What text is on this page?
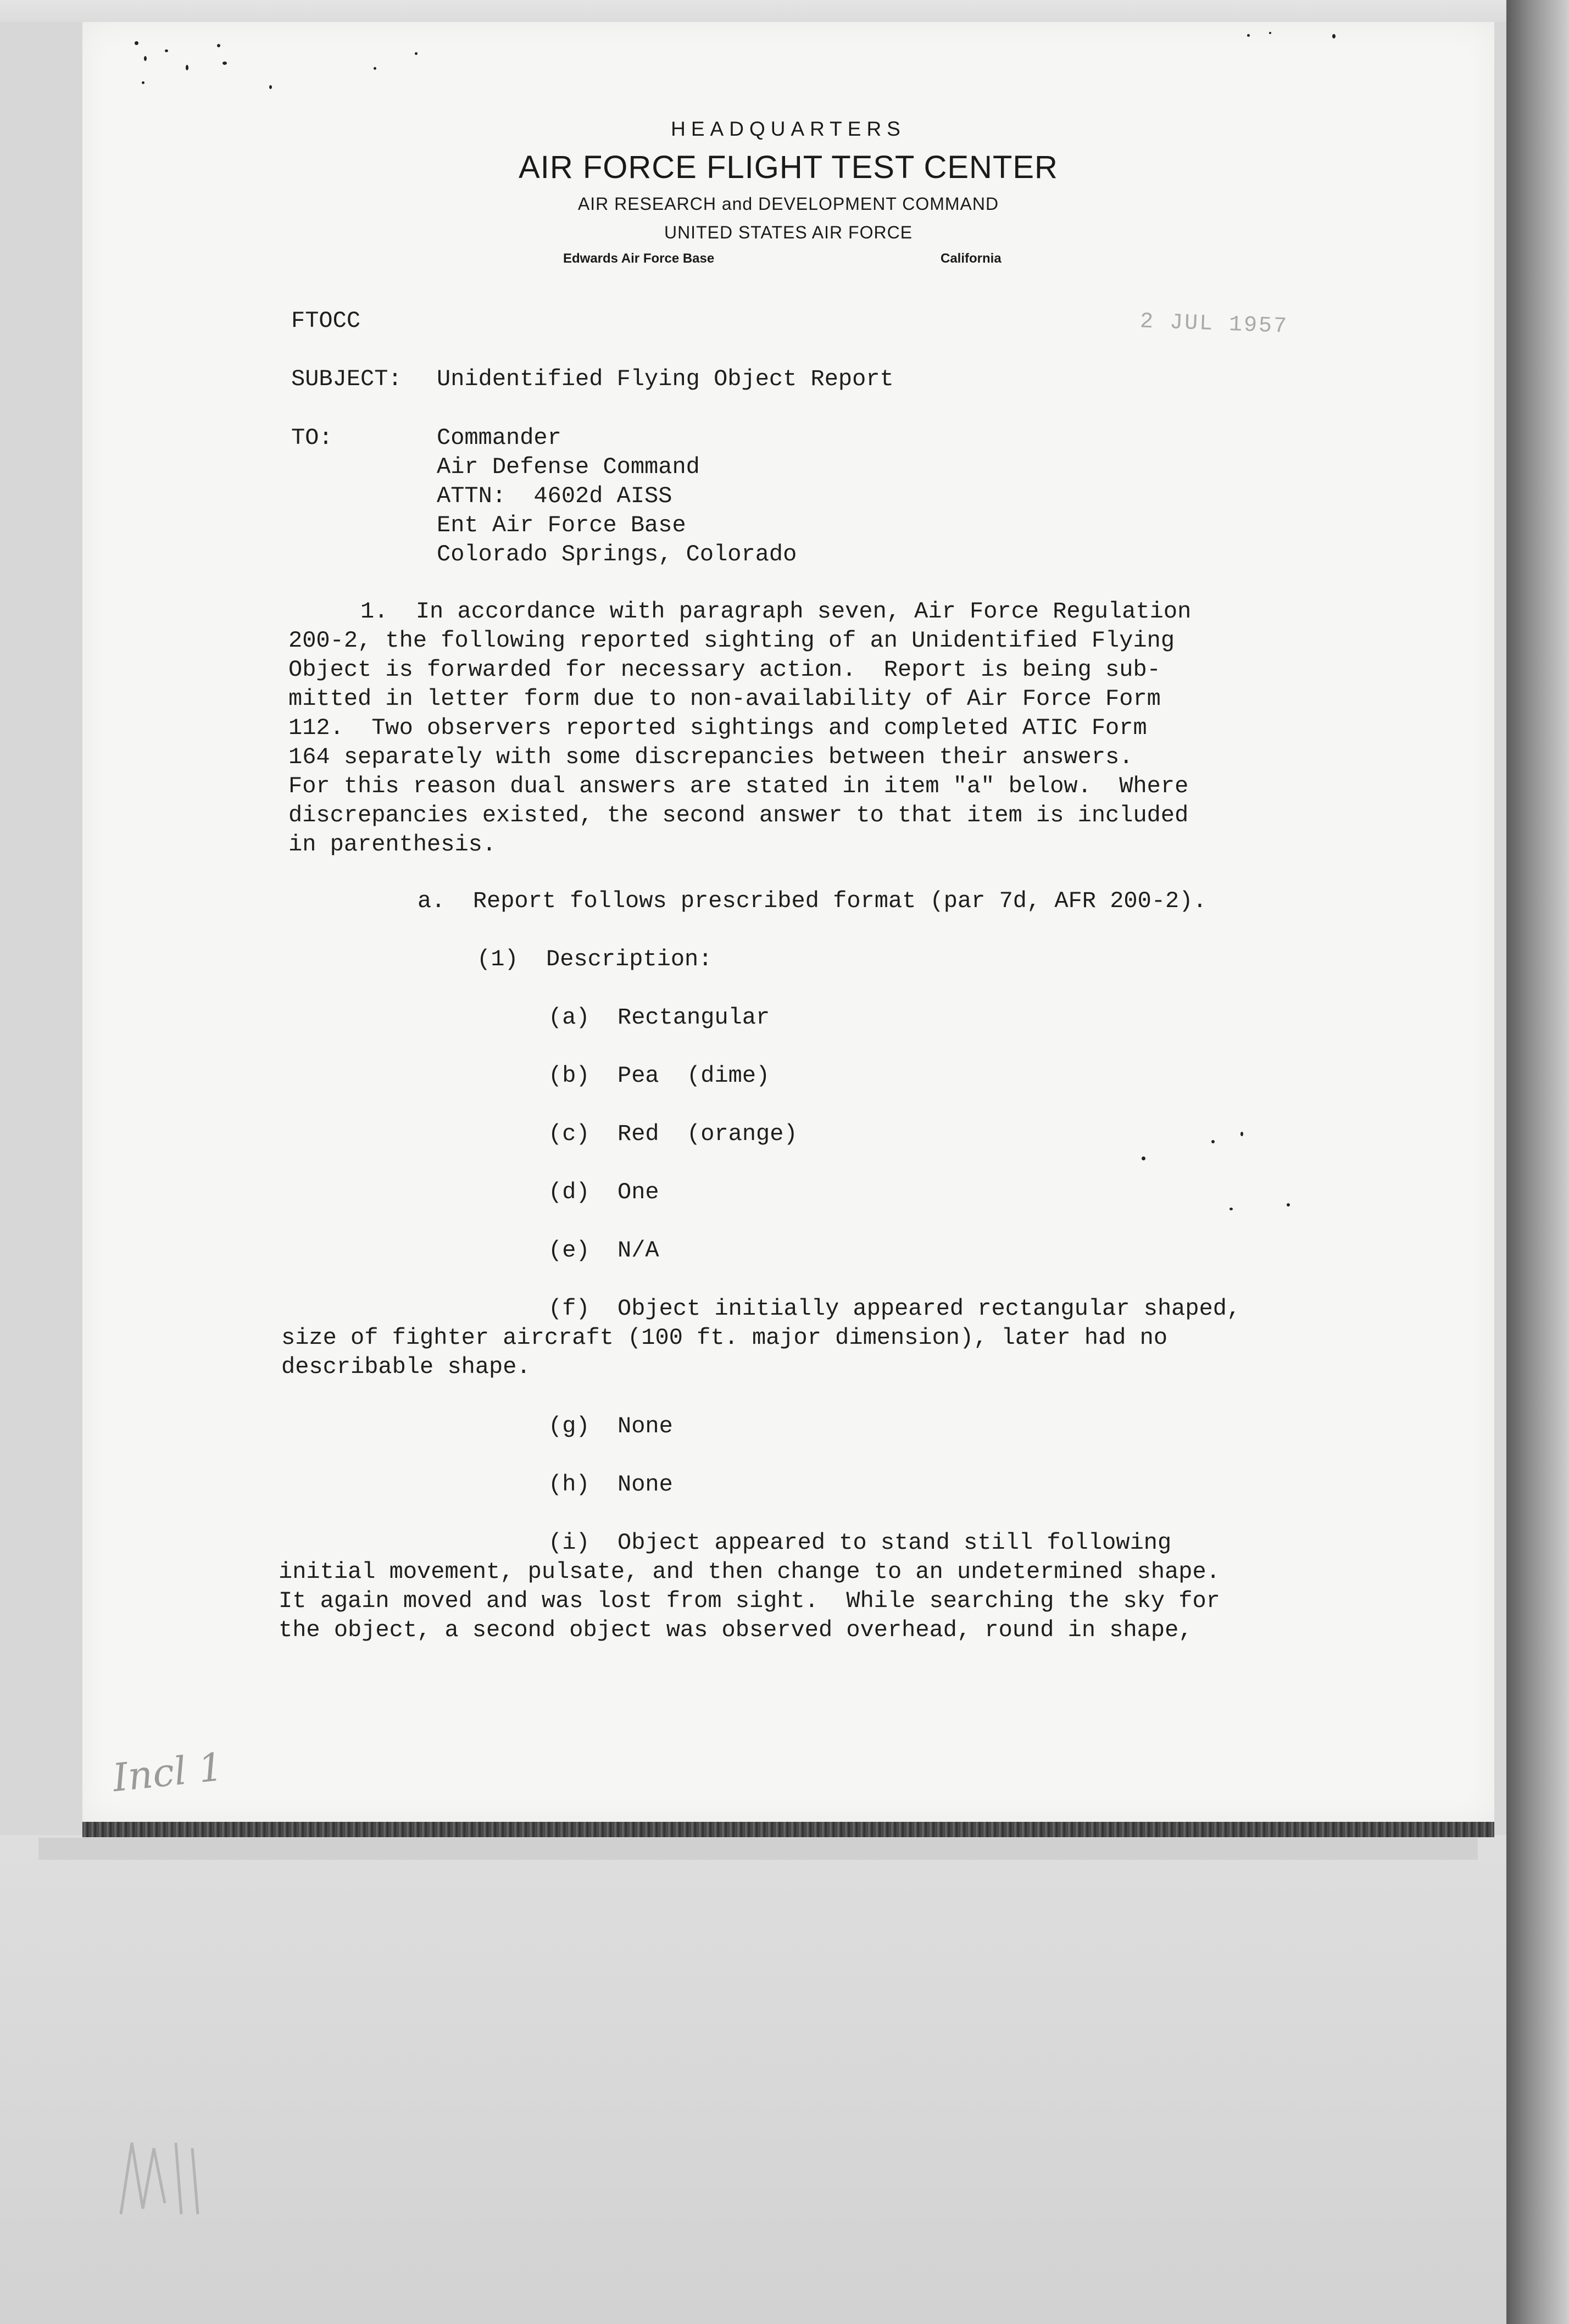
HEADQUARTERS
AIR FORCE FLIGHT TEST CENTER
AIR RESEARCH and DEVELOPMENT COMMAND
UNITED STATES AIR FORCE
Edwards Air Force Base	California
FTOCC	2 JUL 1957
SUBJECT: Unidentified Flying Object Report
TO:	Commander
Air Defense Command
ATTN:  4602d AISS
Ent Air Force Base
Colorado Springs, Colorado
1.  In accordance with paragraph seven, Air Force Regulation
200-2, the following reported sighting of an Unidentified Flying
Object is forwarded for necessary action.  Report is being sub-
mitted in letter form due to non-availability of Air Force Form
112.  Two observers reported sightings and completed ATIC Form
164 separately with some discrepancies between their answers.
For this reason dual answers are stated in item "a" below.  Where
discrepancies existed, the second answer to that item is included
in parenthesis.
a.  Report follows prescribed format (par 7d, AFR 200-2).
(1)  Description:
(a)  Rectangular
(b)  Pea  (dime)
(c)  Red  (orange)
(d)  One
(e)  N/A
(f)  Object initially appeared rectangular shaped,
size of fighter aircraft (100 ft. major dimension), later had no
describable shape.
(g)  None
(h)  None
(i)  Object appeared to stand still following
initial movement, pulsate, and then change to an undetermined shape.
It again moved and was lost from sight.  While searching the sky for
the object, a second object was observed overhead, round in shape,
Incl 1
